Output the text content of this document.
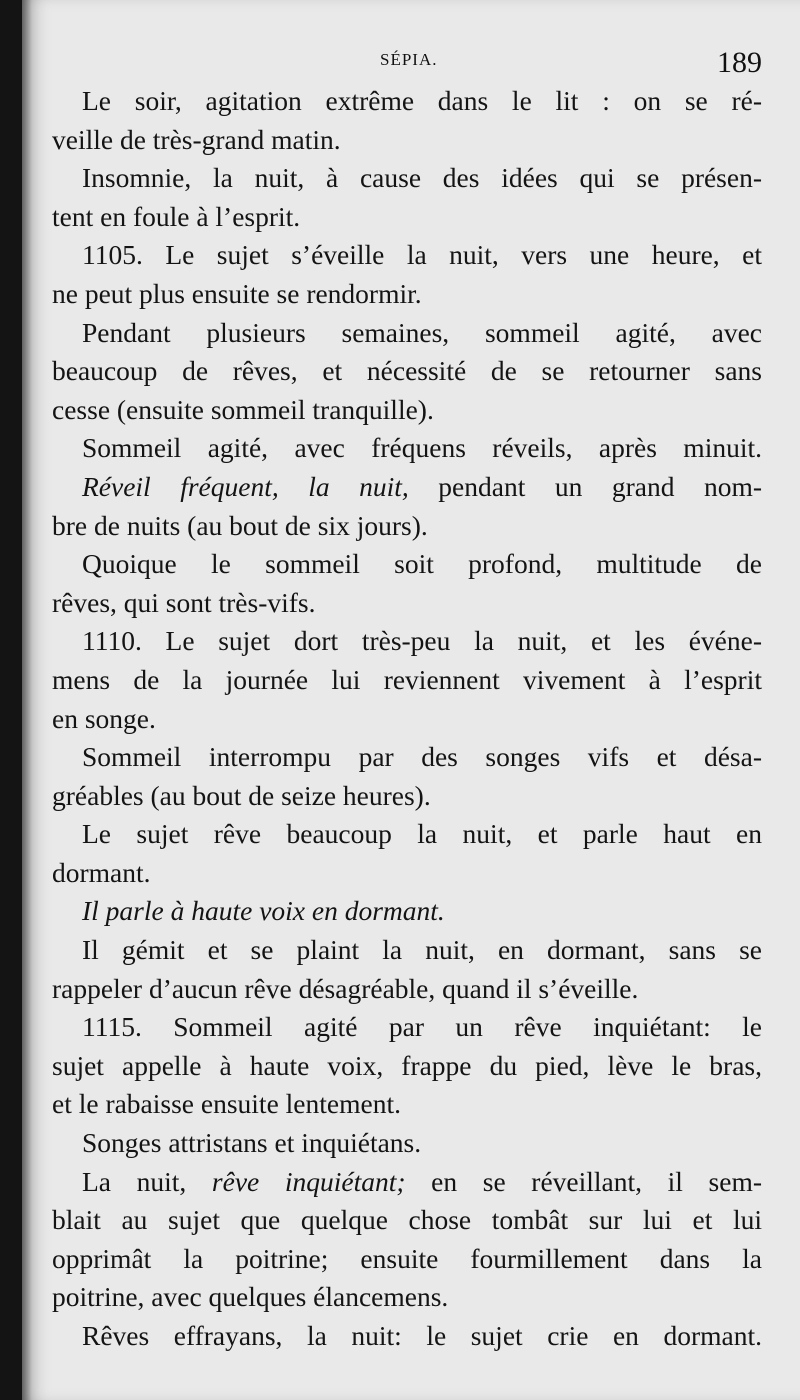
SÉPIA.	189
Le soir, agitation extrême dans le lit : on se ré-
veille de très-grand matin.
Insomnie, la nuit, à cause des idées qui se présen-
tent en foule à l’esprit.
1105. Le sujet s’éveille la nuit, vers une heure, et
ne peut plus ensuite se rendormir.
Pendant plusieurs semaines, sommeil agité, avec
beaucoup de rêves, et nécessité de se retourner sans
cesse (ensuite sommeil tranquille).
Sommeil agité, avec fréquens réveils, après minuit.
Réveil fréquent, la nuit, pendant un grand nom-
bre de nuits (au bout de six jours).
Quoique le sommeil soit profond, multitude de
rêves, qui sont très-vifs.
1110. Le sujet dort très-peu la nuit, et les événe-
mens de la journée lui reviennent vivement à l’esprit
en songe.
Sommeil interrompu par des songes vifs et désa-
gréables (au bout de seize heures).
Le sujet rêve beaucoup la nuit, et parle haut en
dormant.
Il parle à haute voix en dormant.
Il gémit et se plaint la nuit, en dormant, sans se
rappeler d’aucun rêve désagréable, quand il s’éveille.
1115. Sommeil agité par un rêve inquiétant: le
sujet appelle à haute voix, frappe du pied, lève le bras,
et le rabaisse ensuite lentement.
Songes attristans et inquiétans.
La nuit, rêve inquiétant; en se réveillant, il sem-
blait au sujet que quelque chose tombât sur lui et lui
opprimât la poitrine; ensuite fourmillement dans la
poitrine, avec quelques élancemens.
Rêves effrayans, la nuit: le sujet crie en dormant.
